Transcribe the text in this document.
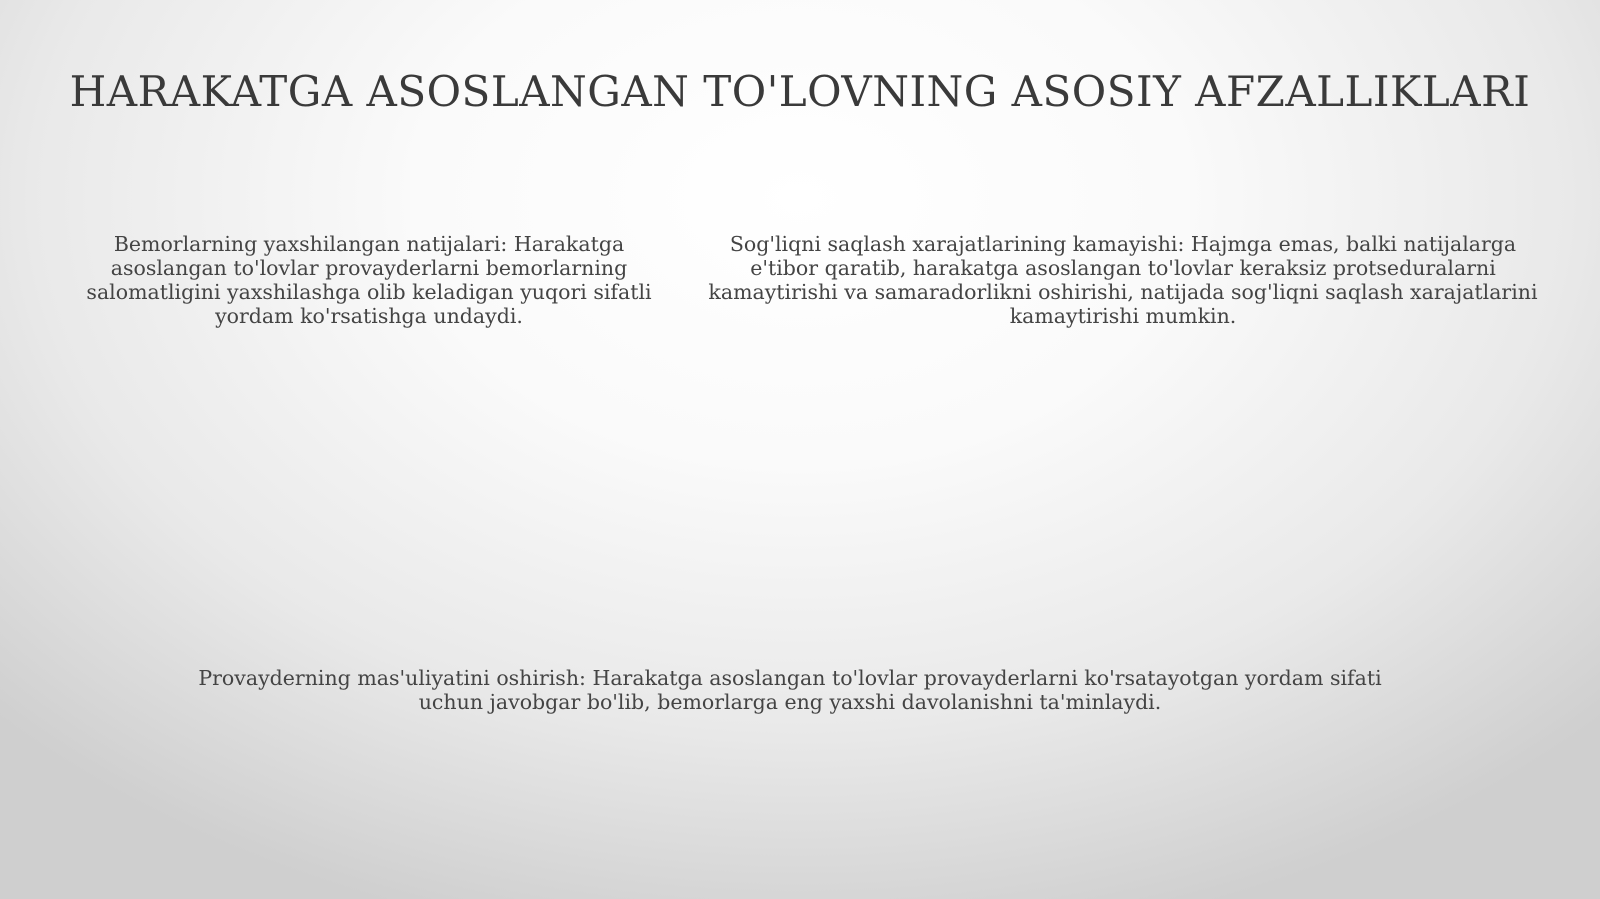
HARAKATGA ASOSLANGAN TO'LOVNING ASOSIY AFZALLIKLARI
Bemorlarning yaxshilangan natijalari: Harakatga asoslangan to'lovlar provayderlarni bemorlarning salomatligini yaxshilashga olib keladigan yuqori sifatli yordam ko'rsatishga undaydi.
Sog'liqni saqlash xarajatlarining kamayishi: Hajmga emas, balki natijalarga e'tibor qaratib, harakatga asoslangan to'lovlar keraksiz protseduralarni kamaytirishi va samaradorlikni oshirishi, natijada sog'liqni saqlash xarajatlarini kamaytirishi mumkin.
Provayderning mas'uliyatini oshirish: Harakatga asoslangan to'lovlar provayderlarni ko'rsatayotgan yordam sifati uchun javobgar bo'lib, bemorlarga eng yaxshi davolanishni ta'minlaydi.
